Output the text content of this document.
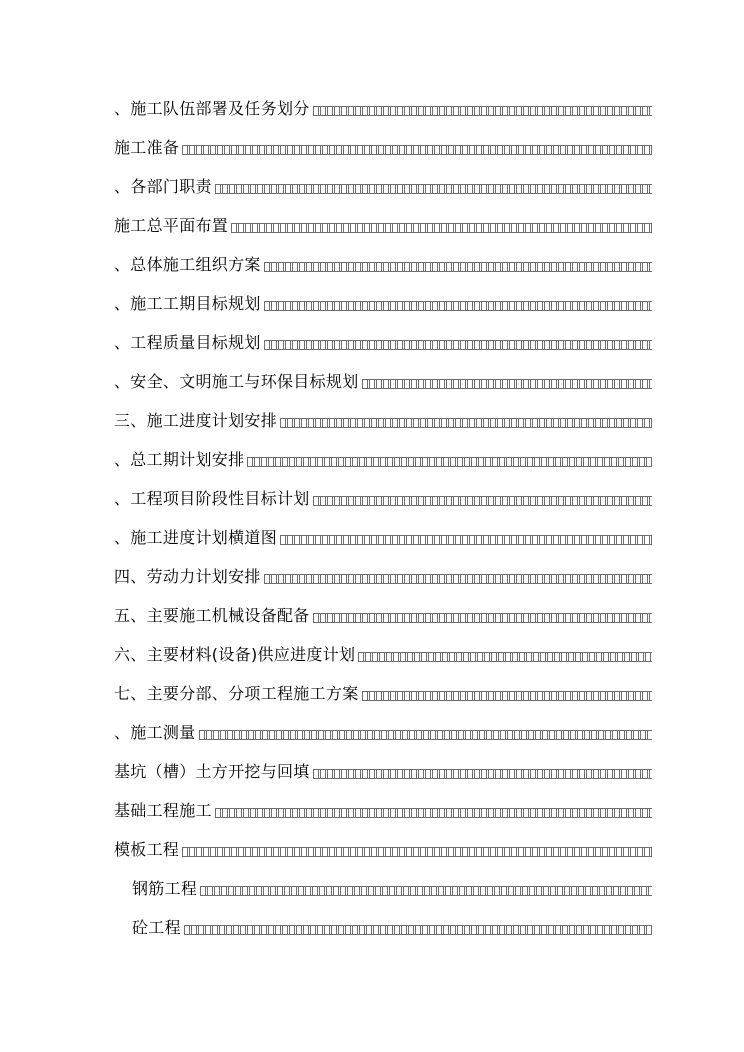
、施工队伍部署及任务划分
施工准备
、各部门职责
施工总平面布置
、总体施工组织方案
、施工工期目标规划
、工程质量目标规划
、安全、文明施工与环保目标规划
三、施工进度计划安排
、总工期计划安排
、工程项目阶段性目标计划
、施工进度计划横道图
四、劳动力计划安排
五、主要施工机械设备配备
六、主要材料(设备)供应进度计划
七、主要分部、分项工程施工方案
、施工测量
基坑（槽）土方开挖与回填
基础工程施工
模板工程
钢筋工程
砼工程
